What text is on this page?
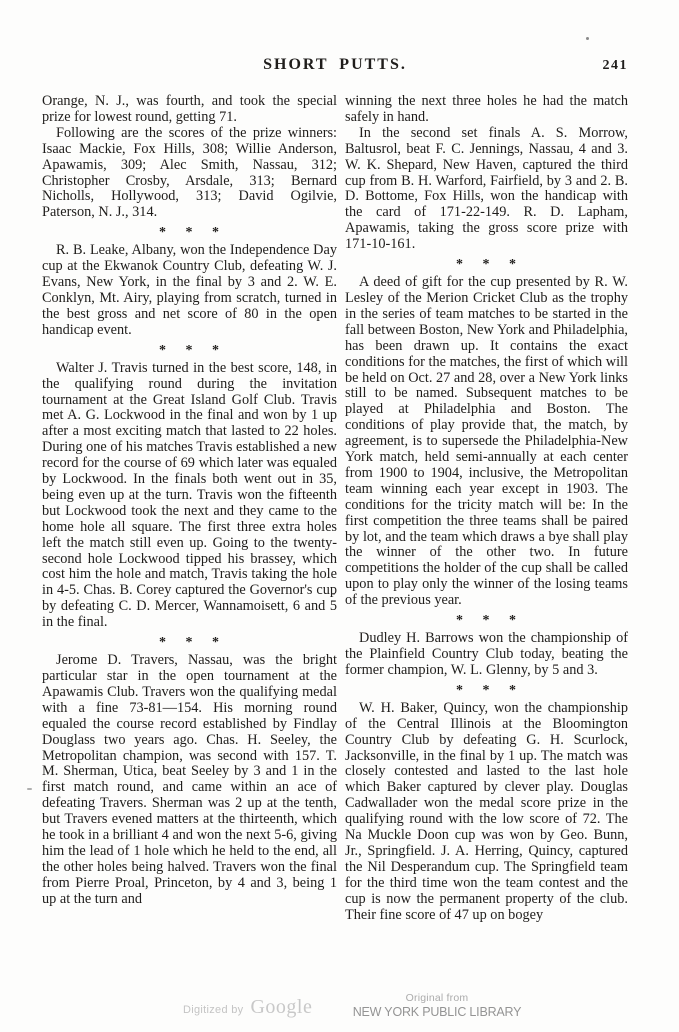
SHORT PUTTS.	241

Orange, N. J., was fourth, and took the special prize for lowest round, getting 71.

Following are the scores of the prize winners: Isaac Mackie, Fox Hills, 308; Willie Anderson, Apawamis, 309; Alec Smith, Nassau, 312; Christopher Crosby, Arsdale, 313; Bernard Nicholls, Hollywood, 313; David Ogilvie, Paterson, N. J., 314.

* * *

R. B. Leake, Albany, won the Independence Day cup at the Ekwanok Country Club, defeating W. J. Evans, New York, in the final by 3 and 2. W. E. Conklyn, Mt. Airy, playing from scratch, turned in the best gross and net score of 80 in the open handicap event.

* * *

Walter J. Travis turned in the best score, 148, in the qualifying round during the invitation tournament at the Great Island Golf Club. Travis met A. G. Lockwood in the final and won by 1 up after a most exciting match that lasted to 22 holes. During one of his matches Travis established a new record for the course of 69 which later was equaled by Lockwood. In the finals both went out in 35, being even up at the turn. Travis won the fifteenth but Lockwood took the next and they came to the home hole all square. The first three extra holes left the match still even up. Going to the twenty-second hole Lockwood tipped his brassey, which cost him the hole and match, Travis taking the hole in 4-5. Chas. B. Corey captured the Governor's cup by defeating C. D. Mercer, Wannamoisett, 6 and 5 in the final.

* * *

Jerome D. Travers, Nassau, was the bright particular star in the open tournament at the Apawamis Club. Travers won the qualifying medal with a fine 73-81—154. His morning round equaled the course record established by Findlay Douglass two years ago. Chas. H. Seeley, the Metropolitan champion, was second with 157. T. M. Sherman, Utica, beat Seeley by 3 and 1 in the first match round, and came within an ace of defeating Travers. Sherman was 2 up at the tenth, but Travers evened matters at the thirteenth, which he took in a brilliant 4 and won the next 5-6, giving him the lead of 1 hole which he held to the end, all the other holes being halved. Travers won the final from Pierre Proal, Princeton, by 4 and 3, being 1 up at the turn and

winning the next three holes he had the match safely in hand.

In the second set finals A. S. Morrow, Baltusrol, beat F. C. Jennings, Nassau, 4 and 3. W. K. Shepard, New Haven, captured the third cup from B. H. Warford, Fairfield, by 3 and 2. B. D. Bottome, Fox Hills, won the handicap with the card of 171-22-149. R. D. Lapham, Apawamis, taking the gross score prize with 171-10-161.

* * *

A deed of gift for the cup presented by R. W. Lesley of the Merion Cricket Club as the trophy in the series of team matches to be started in the fall between Boston, New York and Philadelphia, has been drawn up. It contains the exact conditions for the matches, the first of which will be held on Oct. 27 and 28, over a New York links still to be named. Subsequent matches to be played at Philadelphia and Boston. The conditions of play provide that, the match, by agreement, is to supersede the Philadelphia-New York match, held semi-annually at each center from 1900 to 1904, inclusive, the Metropolitan team winning each year except in 1903. The conditions for the tricity match will be: In the first competition the three teams shall be paired by lot, and the team which draws a bye shall play the winner of the other two. In future competitions the holder of the cup shall be called upon to play only the winner of the losing teams of the previous year.

* * *

Dudley H. Barrows won the championship of the Plainfield Country Club today, beating the former champion, W. L. Glenny, by 5 and 3.

* * *

W. H. Baker, Quincy, won the championship of the Central Illinois at the Bloomington Country Club by defeating G. H. Scurlock, Jacksonville, in the final by 1 up. The match was closely contested and lasted to the last hole which Baker captured by clever play. Douglas Cadwallader won the medal score prize in the qualifying round with the low score of 72. The Na Muckle Doon cup was won by Geo. Bunn, Jr., Springfield. J. A. Herring, Quincy, captured the Nil Desperandum cup. The Springfield team for the third time won the team contest and the cup is now the permanent property of the club. Their fine score of 47 up on bogey

Digitized by Google	Original from
NEW YORK PUBLIC LIBRARY
